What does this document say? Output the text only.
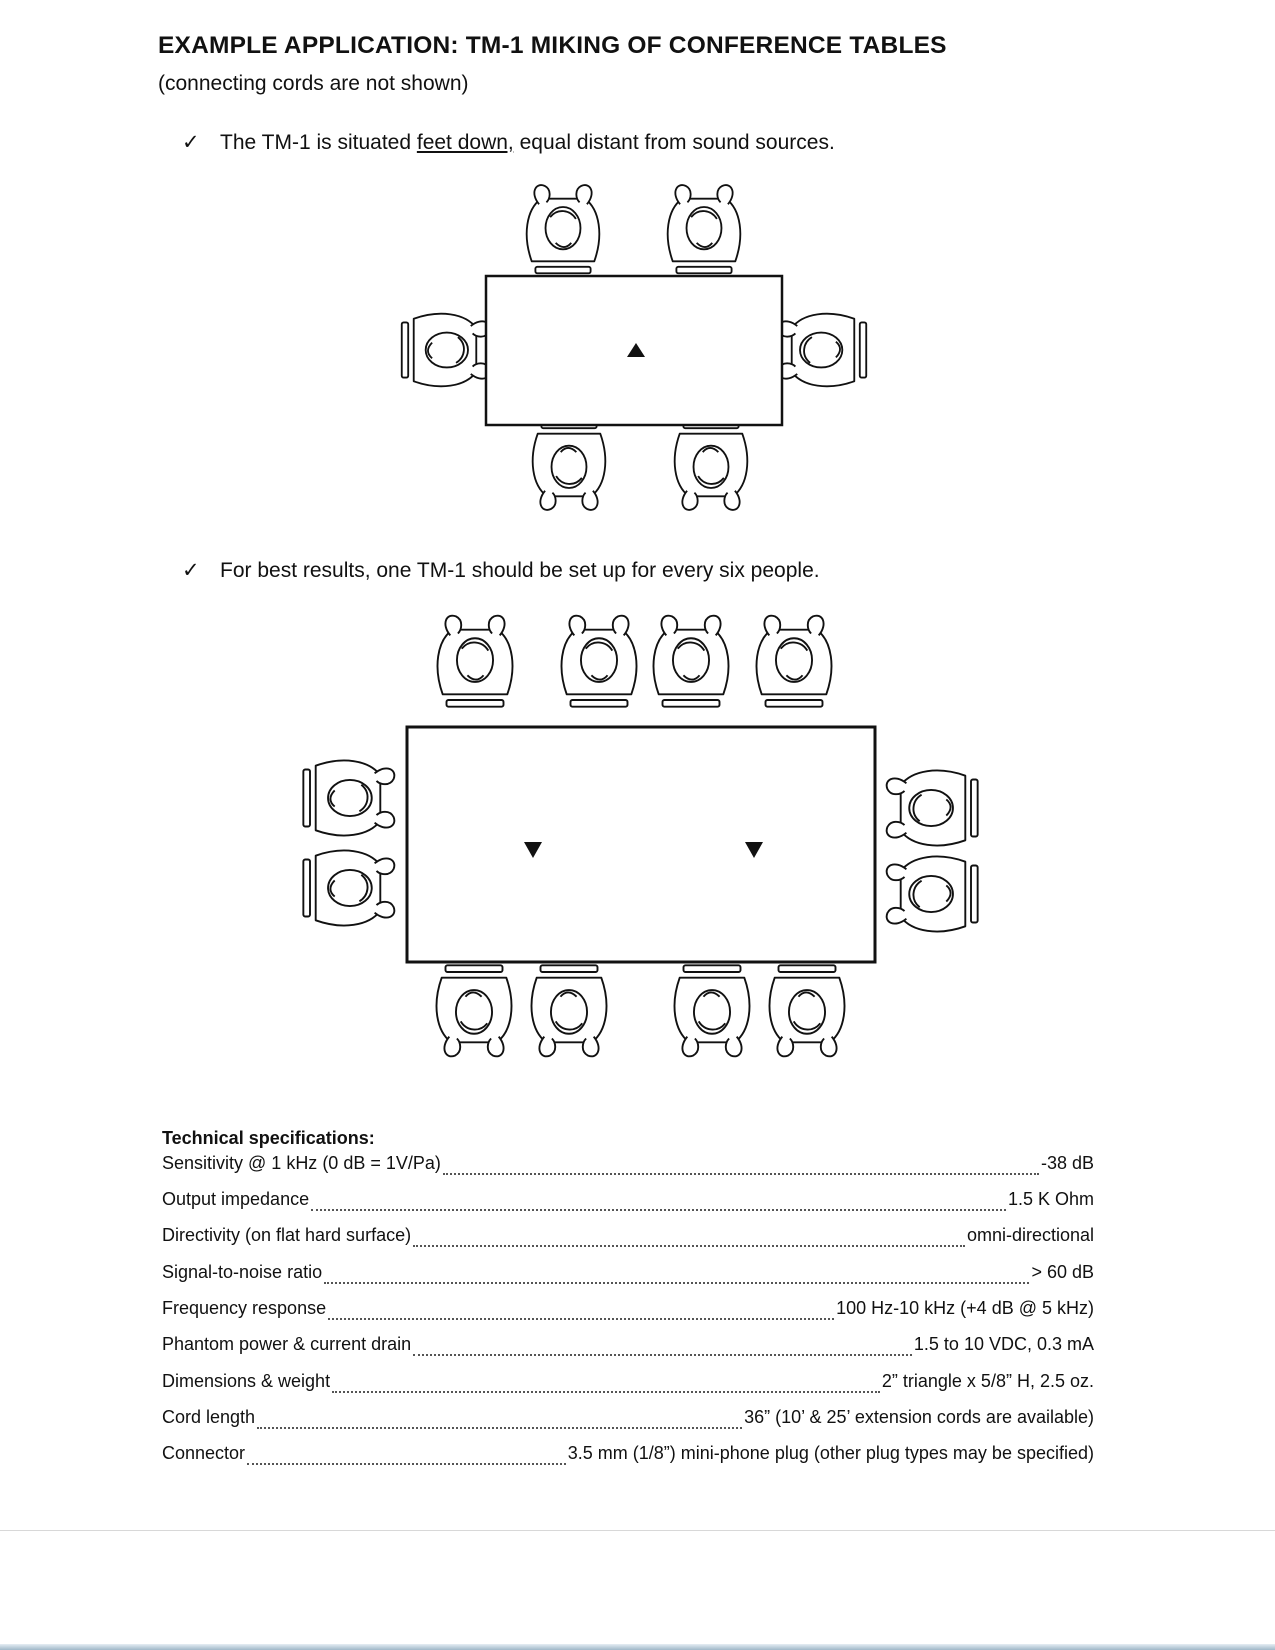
EXAMPLE APPLICATION: TM-1 MIKING OF CONFERENCE TABLES
(connecting cords are not shown)
✓ The TM-1 is situated feet down, equal distant from sound sources.
✓ For best results, one TM-1 should be set up for every six people.
Technical specifications:
Sensitivity @ 1 kHz (0 dB = 1V/Pa)	-38 dB
Output impedance	1.5 K Ohm
Directivity (on flat hard surface)	omni-directional
Signal-to-noise ratio	> 60 dB
Frequency response	100 Hz-10 kHz (+4 dB @ 5 kHz)
Phantom power & current drain	1.5 to 10 VDC, 0.3 mA
Dimensions & weight	2” triangle x 5/8” H, 2.5 oz.
Cord length	36” (10’ & 25’ extension cords are available)
Connector	3.5 mm (1/8”) mini-phone plug (other plug types may be specified)
